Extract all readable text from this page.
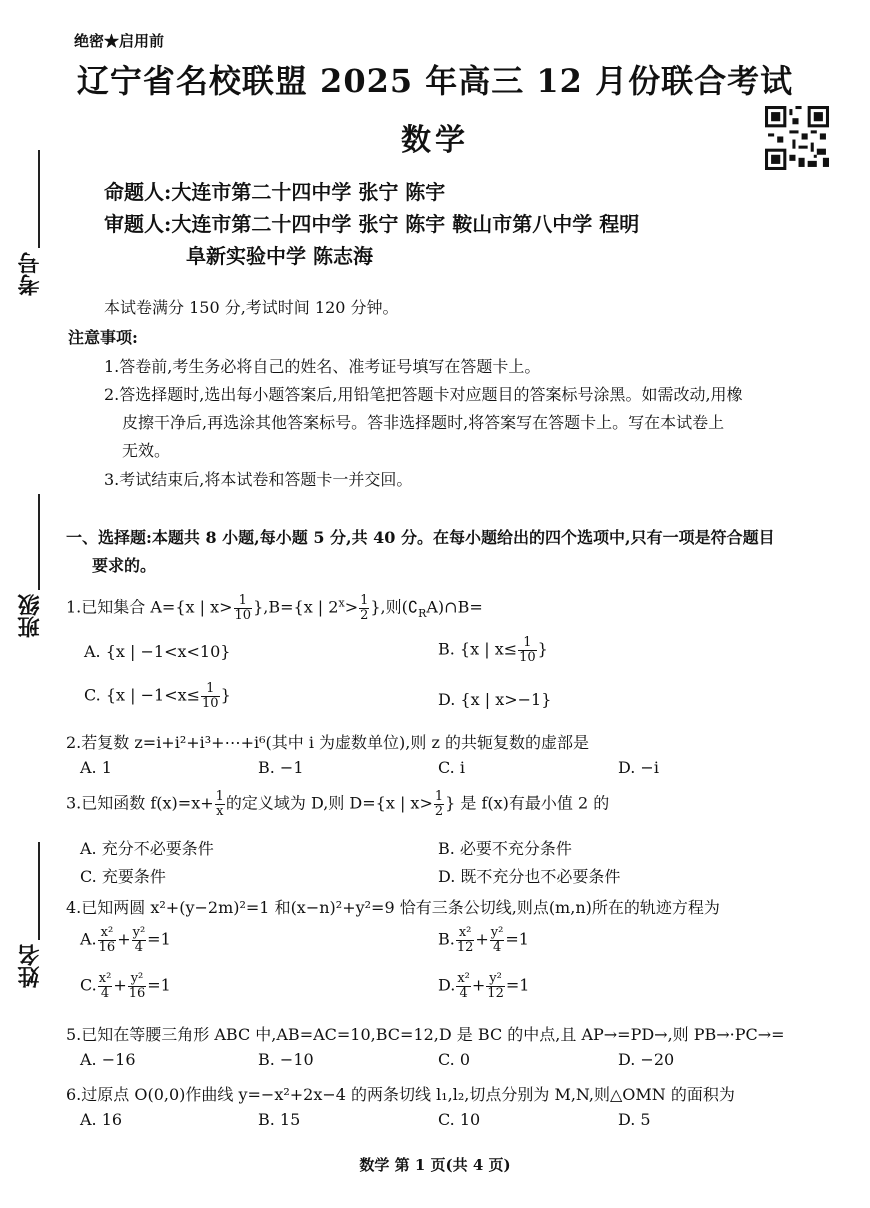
绝密★启用前
辽宁省名校联盟 2025 年高三 12 月份联合考试
数学
命题人:大连市第二十四中学 张宁 陈宇
审题人:大连市第二十四中学 张宁 陈宇 鞍山市第八中学 程明
阜新实验中学 陈志海
考号
班级
姓名
本试卷满分 150 分,考试时间 120 分钟。
注意事项:
1.答卷前,考生务必将自己的姓名、准考证号填写在答题卡上。
2.答选择题时,选出每小题答案后,用铅笔把答题卡对应题目的答案标号涂黑。如需改动,用橡
皮擦干净后,再选涂其他答案标号。答非选择题时,将答案写在答题卡上。写在本试卷上
无效。
3.考试结束后,将本试卷和答题卡一并交回。
一、选择题:本题共 8 小题,每小题 5 分,共 40 分。在每小题给出的四个选项中,只有一项是符合题目
要求的。
1.已知集合 A={x | $x> \frac{1}{10} \},B=\{x$ | $2^x> \frac{1}{2}$ },则$(∁_RA)\cap B=$
A. {x | −1<x<10}	B. {x | $x\le \frac{1}{10}$ }
C. {x | $-1<x\le \frac{1}{10}$ }	D. {x | x>−1}
2.若复数 z=i+i²+i³+⋯+i⁶(其中 i 为虚数单位),则 z 的共轭复数的虚部是
A. 1	B. −1	C. i	D. −i
3.已知函数 $f(x)=x+ \frac{1}{x}$ 的定义域为 D,则 D={x | $x> \frac{1}{2}$ } 是 f(x)有最小值 2 的
A. 充分不必要条件	B. 必要不充分条件
C. 充要条件	D. 既不充分也不必要条件
4.已知两圆 x²+(y−2m)²=1 和(x−n)²+y²=9 恰有三条公切线,则点(m,n)所在的轨迹方程为
A. $\frac{\text{x²}}{16} + \frac{\text{y²}}{4} =1$	B. $\frac{\text{x²}}{12} + \frac{\text{y²}}{4} =1$
C. $\frac{\text{x²}}{4} + \frac{\text{y²}}{16} =1$	D. $\frac{\text{x²}}{4} + \frac{\text{y²}}{12} =1$
5.已知在等腰三角形 ABC 中,AB=AC=10,BC=12,D 是 BC 的中点,且 AP→=PD→,则 PB→·PC→=
A. −16	B. −10	C. 0	D. −20
6.过原点 O(0,0)作曲线 y=−x²+2x−4 的两条切线 l₁,l₂,切点分别为 M,N,则△OMN 的面积为
A. 16	B. 15	C. 10	D. 5
数学 第 1 页(共 4 页)
